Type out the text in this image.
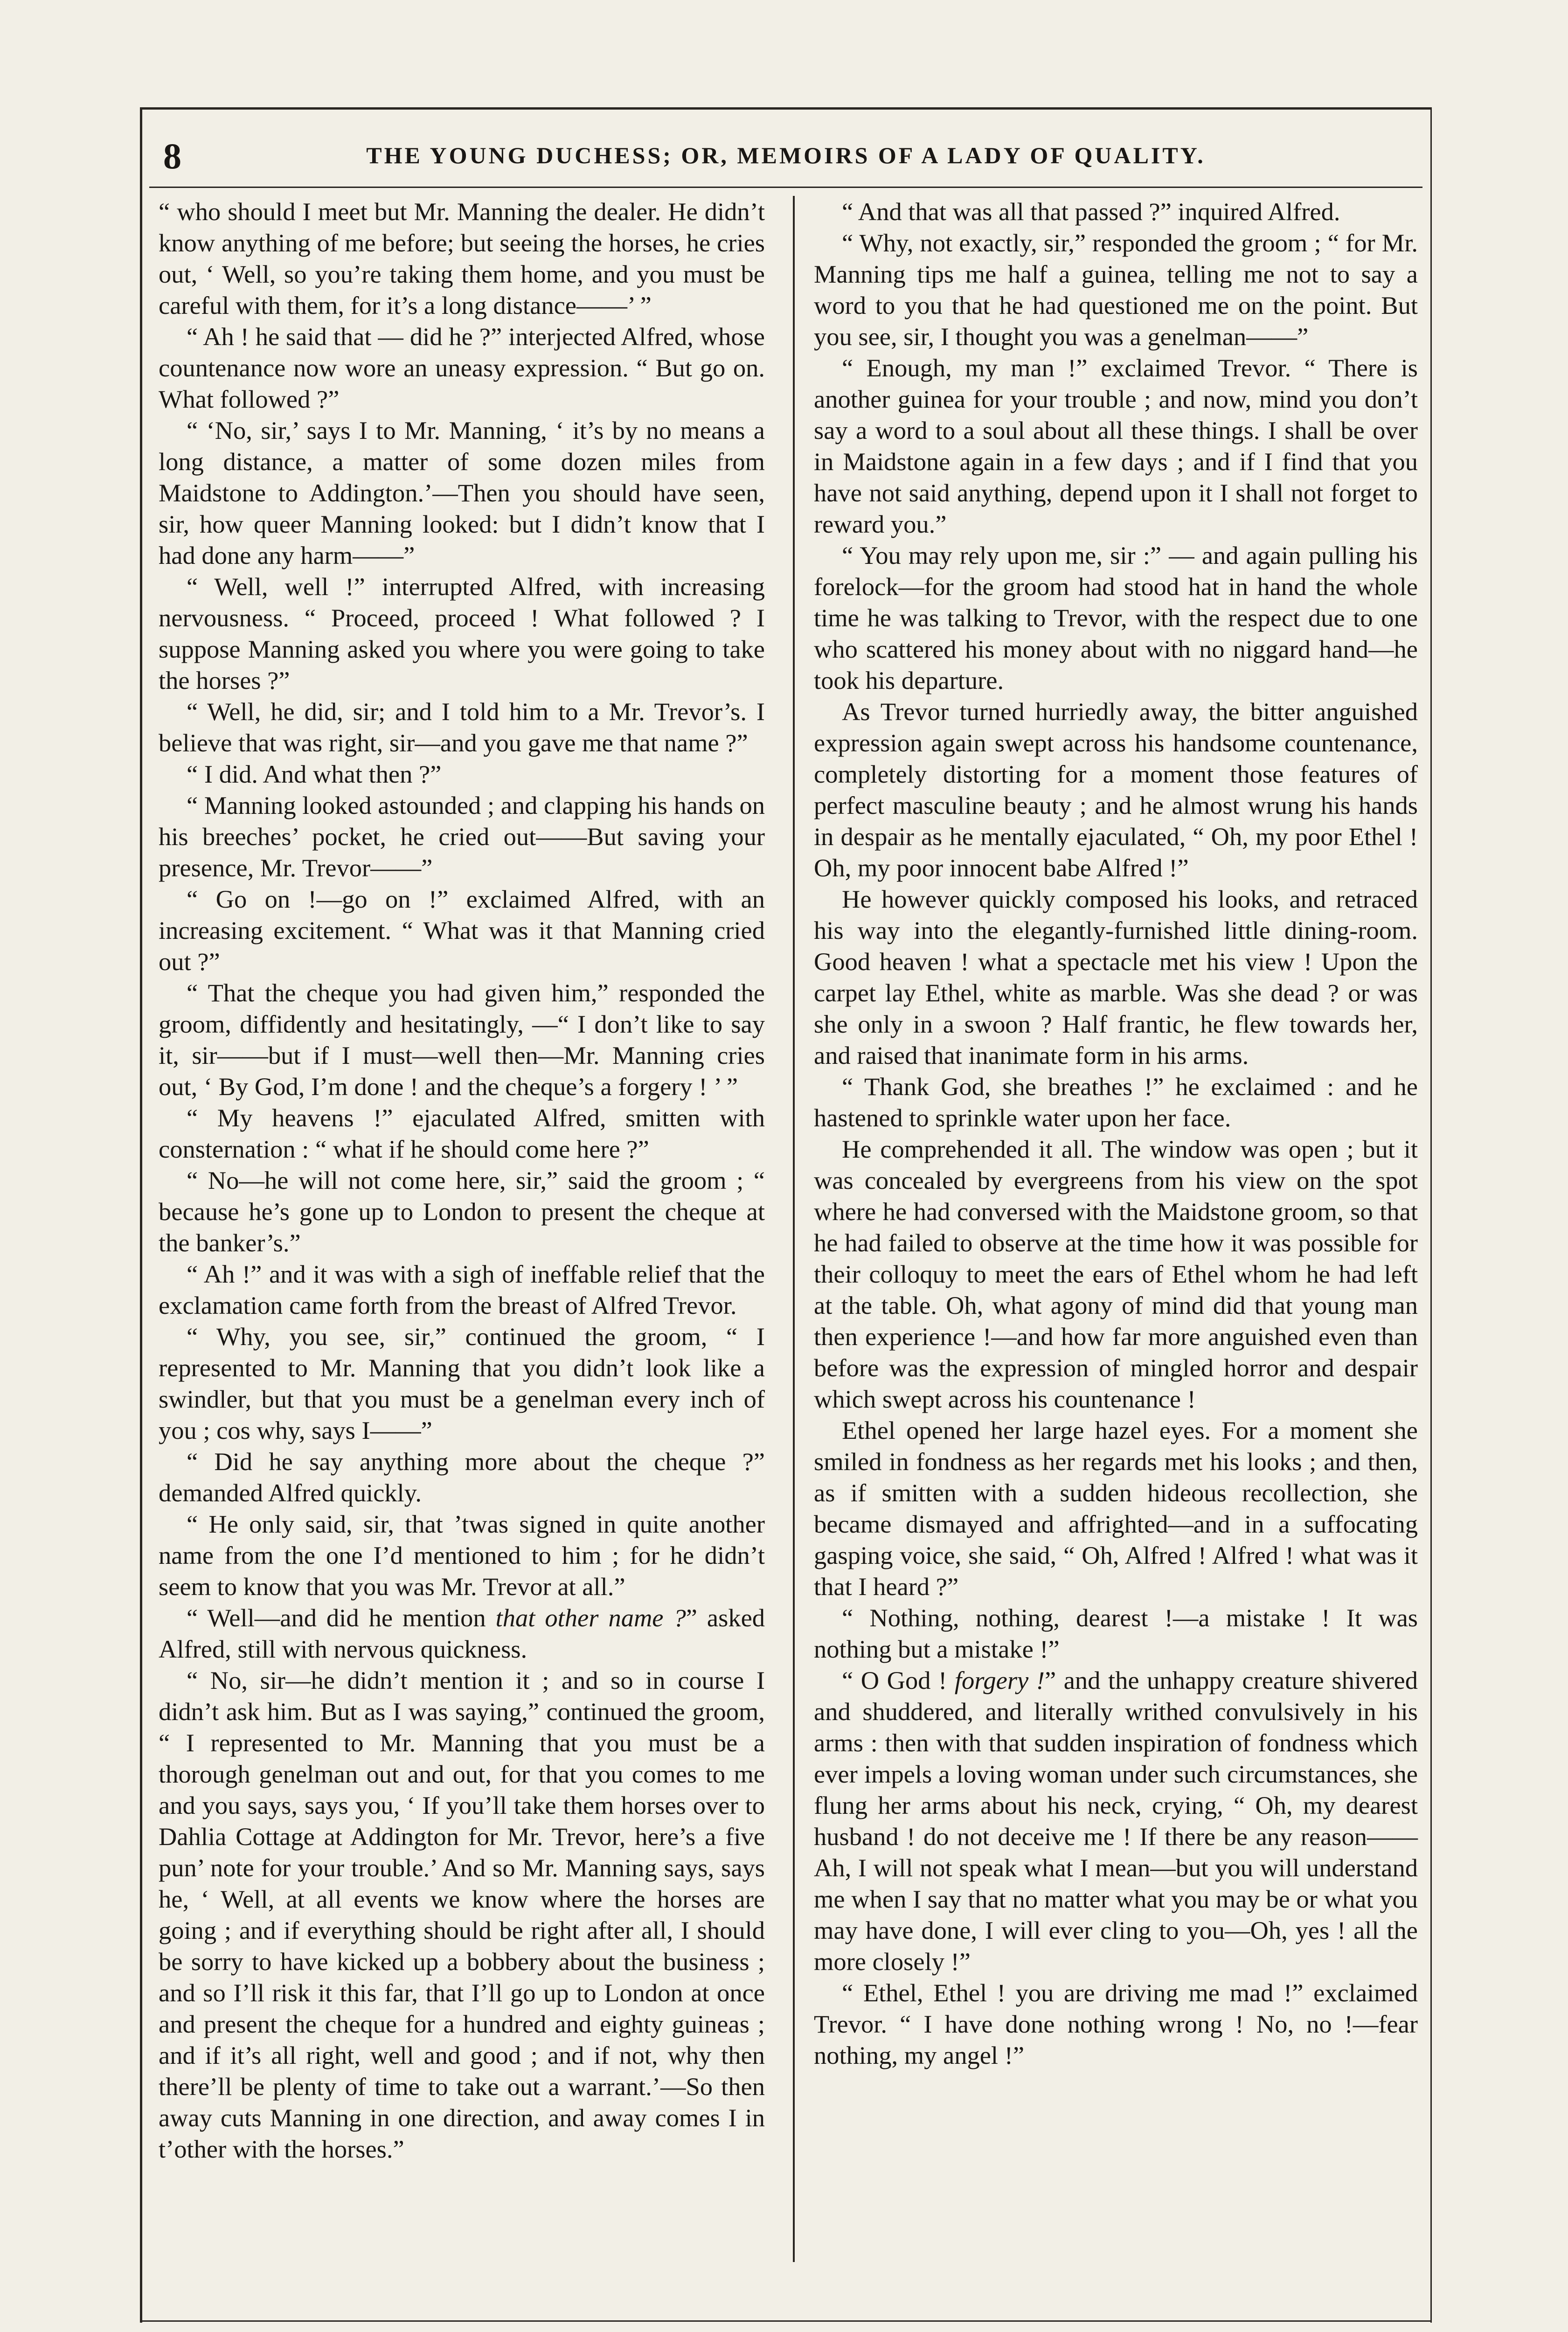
8	THE YOUNG DUCHESS; OR, MEMOIRS OF A LADY OF QUALITY.

“ who should I meet but Mr. Manning the dealer. He didn’t know anything of me before; but seeing the horses, he cries out, ‘ Well, so you’re taking them home, and you must be careful with them, for it’s a long distance——’ ”

“ Ah ! he said that — did he ?” interjected Alfred, whose countenance now wore an uneasy expression. “ But go on. What followed ?”

“ ‘No, sir,’ says I to Mr. Manning, ‘ it’s by no means a long distance, a matter of some dozen miles from Maidstone to Addington.’—Then you should have seen, sir, how queer Manning looked: but I didn’t know that I had done any harm——”

“ Well, well !” interrupted Alfred, with increasing nervousness. “ Proceed, proceed ! What followed ? I suppose Manning asked you where you were going to take the horses ?”

“ Well, he did, sir; and I told him to a Mr. Trevor’s. I believe that was right, sir—and you gave me that name ?”

“ I did. And what then ?”

“ Manning looked astounded ; and clapping his hands on his breeches’ pocket, he cried out——But saving your presence, Mr. Trevor——”

“ Go on !—go on !” exclaimed Alfred, with an increasing excitement. “ What was it that Manning cried out ?”

“ That the cheque you had given him,” responded the groom, diffidently and hesitatingly, —“ I don’t like to say it, sir——but if I must—well then—Mr. Manning cries out, ‘ By God, I’m done ! and the cheque’s a forgery ! ’ ”

“ My heavens !” ejaculated Alfred, smitten with consternation : “ what if he should come here ?”

“ No—he will not come here, sir,” said the groom ; “ because he’s gone up to London to present the cheque at the banker’s.”

“ Ah !” and it was with a sigh of ineffable relief that the exclamation came forth from the breast of Alfred Trevor.

“ Why, you see, sir,” continued the groom, “ I represented to Mr. Manning that you didn’t look like a swindler, but that you must be a genelman every inch of you ; cos why, says I——”

“ Did he say anything more about the cheque ?” demanded Alfred quickly.

“ He only said, sir, that ’twas signed in quite another name from the one I’d mentioned to him ; for he didn’t seem to know that you was Mr. Trevor at all.”

“ Well—and did he mention that other name ?” asked Alfred, still with nervous quickness.

“ No, sir—he didn’t mention it ; and so in course I didn’t ask him. But as I was saying,” continued the groom, “ I represented to Mr. Manning that you must be a thorough genelman out and out, for that you comes to me and you says, says you, ‘ If you’ll take them horses over to Dahlia Cottage at Addington for Mr. Trevor, here’s a five pun’ note for your trouble.’ And so Mr. Manning says, says he, ‘ Well, at all events we know where the horses are going ; and if everything should be right after all, I should be sorry to have kicked up a bobbery about the business ; and so I’ll risk it this far, that I’ll go up to London at once and present the cheque for a hundred and eighty guineas ; and if it’s all right, well and good ; and if not, why then there’ll be plenty of time to take out a warrant.’—So then away cuts Manning in one direction, and away comes I in t’other with the horses.”

“ And that was all that passed ?” inquired Alfred.

“ Why, not exactly, sir,” responded the groom ; “ for Mr. Manning tips me half a guinea, telling me not to say a word to you that he had questioned me on the point. But you see, sir, I thought you was a genelman——”

“ Enough, my man !” exclaimed Trevor. “ There is another guinea for your trouble ; and now, mind you don’t say a word to a soul about all these things. I shall be over in Maidstone again in a few days ; and if I find that you have not said anything, depend upon it I shall not forget to reward you.”

“ You may rely upon me, sir :” — and again pulling his forelock—for the groom had stood hat in hand the whole time he was talking to Trevor, with the respect due to one who scattered his money about with no niggard hand—he took his departure.

As Trevor turned hurriedly away, the bitter anguished expression again swept across his handsome countenance, completely distorting for a moment those features of perfect masculine beauty ; and he almost wrung his hands in despair as he mentally ejaculated, “ Oh, my poor Ethel ! Oh, my poor innocent babe Alfred !”

He however quickly composed his looks, and retraced his way into the elegantly-furnished little dining-room. Good heaven ! what a spectacle met his view ! Upon the carpet lay Ethel, white as marble. Was she dead ? or was she only in a swoon ? Half frantic, he flew towards her, and raised that inanimate form in his arms.

“ Thank God, she breathes !” he exclaimed : and he hastened to sprinkle water upon her face.

He comprehended it all. The window was open ; but it was concealed by evergreens from his view on the spot where he had conversed with the Maidstone groom, so that he had failed to observe at the time how it was possible for their colloquy to meet the ears of Ethel whom he had left at the table. Oh, what agony of mind did that young man then experience !—and how far more anguished even than before was the expression of mingled horror and despair which swept across his countenance !

Ethel opened her large hazel eyes. For a moment she smiled in fondness as her regards met his looks ; and then, as if smitten with a sudden hideous recollection, she became dismayed and affrighted—and in a suffocating gasping voice, she said, “ Oh, Alfred ! Alfred ! what was it that I heard ?”

“ Nothing, nothing, dearest !—a mistake ! It was nothing but a mistake !”

“ O God ! forgery !” and the unhappy creature shivered and shuddered, and literally writhed convulsively in his arms : then with that sudden inspiration of fondness which ever impels a loving woman under such circumstances, she flung her arms about his neck, crying, “ Oh, my dearest husband ! do not deceive me ! If there be any reason——Ah, I will not speak what I mean—but you will understand me when I say that no matter what you may be or what you may have done, I will ever cling to you—Oh, yes ! all the more closely !”

“ Ethel, Ethel ! you are driving me mad !” exclaimed Trevor. “ I have done nothing wrong ! No, no !—fear nothing, my angel !”
